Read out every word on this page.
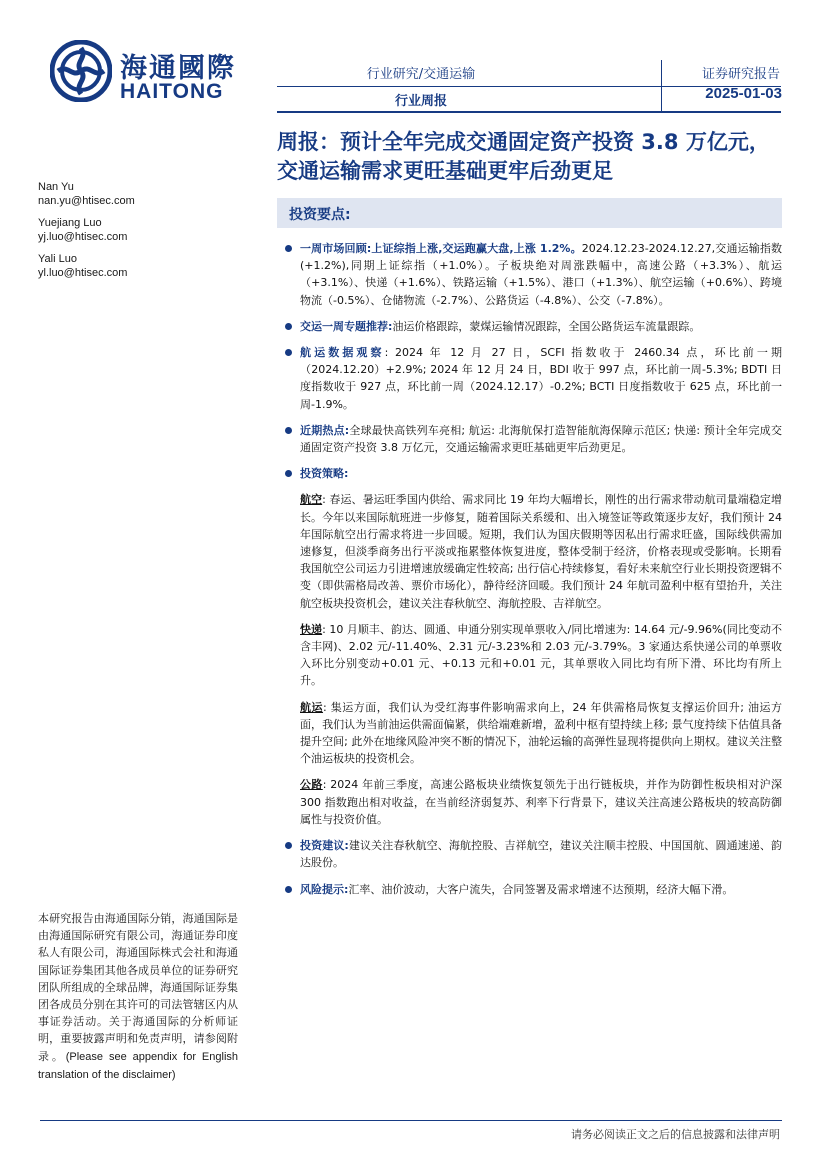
海通國際
HAITONG
行业研究/交通运输
行业周报
证券研究报告
2025-01-03
周报：预计全年完成交通固定资产投资 3.8 万亿元，交通运输需求更旺基础更牢后劲更足
Nan Yu
nan.yu@htisec.com
Yuejiang Luo
yj.luo@htisec.com
Yali Luo
yl.luo@htisec.com
投资要点:
一周市场回顾:上证综指上涨,交运跑赢大盘,上涨 1.2%。2024.12.23-2024.12.27,交通运输指数(+1.2%),同期上证综指（+1.0%）。子板块绝对周涨跌幅中，高速公路（+3.3%）、航运（+3.1%）、快递（+1.6%）、铁路运输（+1.5%）、港口（+1.3%）、航空运输（+0.6%）、跨境物流（-0.5%）、仓储物流（-2.7%）、公路货运（-4.8%）、公交（-7.8%）。
交运一周专题推荐:油运价格跟踪，蒙煤运输情况跟踪，全国公路货运车流量跟踪。
航运数据观察: 2024 年 12 月 27 日，SCFI 指数收于 2460.34 点，环比前一期（2024.12.20）+2.9%; 2024 年 12 月 24 日，BDI 收于 997 点，环比前一周-5.3%; BDTI 日度指数收于 927 点，环比前一周（2024.12.17）-0.2%; BCTI 日度指数收于 625 点，环比前一周-1.9%。
近期热点:全球最快高铁列车亮相; 航运: 北海航保打造智能航海保障示范区; 快递: 预计全年完成交通固定资产投资 3.8 万亿元，交通运输需求更旺基础更牢后劲更足。
投资策略:
航空: 春运、暑运旺季国内供给、需求同比 19 年均大幅增长，刚性的出行需求带动航司量端稳定增长。今年以来国际航班进一步修复，随着国际关系缓和、出入境签证等政策逐步友好，我们预计 24 年国际航空出行需求将进一步回暖。短期，我们认为国庆假期等因私出行需求旺盛，国际线供需加速修复，但淡季商务出行平淡或拖累整体恢复进度，整体受制于经济，价格表现或受影响。长期看我国航空公司运力引进增速放缓确定性较高; 出行信心持续修复，看好未来航空行业长期投资逻辑不变（即供需格局改善、票价市场化），静待经济回暖。我们预计 24 年航司盈利中枢有望抬升，关注航空板块投资机会，建议关注春秋航空、海航控股、吉祥航空。
快递: 10 月顺丰、韵达、圆通、申通分别实现单票收入/同比增速为: 14.64 元/-9.96%(同比变动不含丰网)、2.02 元/-11.40%、2.31 元/-3.23%和 2.03 元/-3.79%。3 家通达系快递公司的单票收入环比分别变动+0.01 元、+0.13 元和+0.01 元，其单票收入同比均有所下滑、环比均有所上升。
航运: 集运方面，我们认为受红海事件影响需求向上，24 年供需格局恢复支撑运价回升; 油运方面，我们认为当前油运供需面偏紧，供给端难新增，盈利中枢有望持续上移; 景气度持续下估值具备提升空间; 此外在地缘风险冲突不断的情况下，油轮运输的高弹性显现将提供向上期权。建议关注整个油运板块的投资机会。
公路: 2024 年前三季度，高速公路板块业绩恢复领先于出行链板块，并作为防御性板块相对沪深 300 指数跑出相对收益，在当前经济弱复苏、利率下行背景下，建议关注高速公路板块的较高防御属性与投资价值。
投资建议:建议关注春秋航空、海航控股、吉祥航空，建议关注顺丰控股、中国国航、圆通速递、韵达股份。
风险提示:汇率、油价波动，大客户流失，合同签署及需求增速不达预期，经济大幅下滑。
本研究报告由海通国际分销，海通国际是由海通国际研究有限公司，海通证券印度私人有限公司，海通国际株式会社和海通国际证券集团其他各成员单位的证券研究团队所组成的全球品牌，海通国际证券集团各成员分别在其许可的司法管辖区内从事证券活动。关于海通国际的分析师证明，重要披露声明和免责声明，请参阅附录。(Please see appendix for English translation of the disclaimer)
请务必阅读正文之后的信息披露和法律声明
